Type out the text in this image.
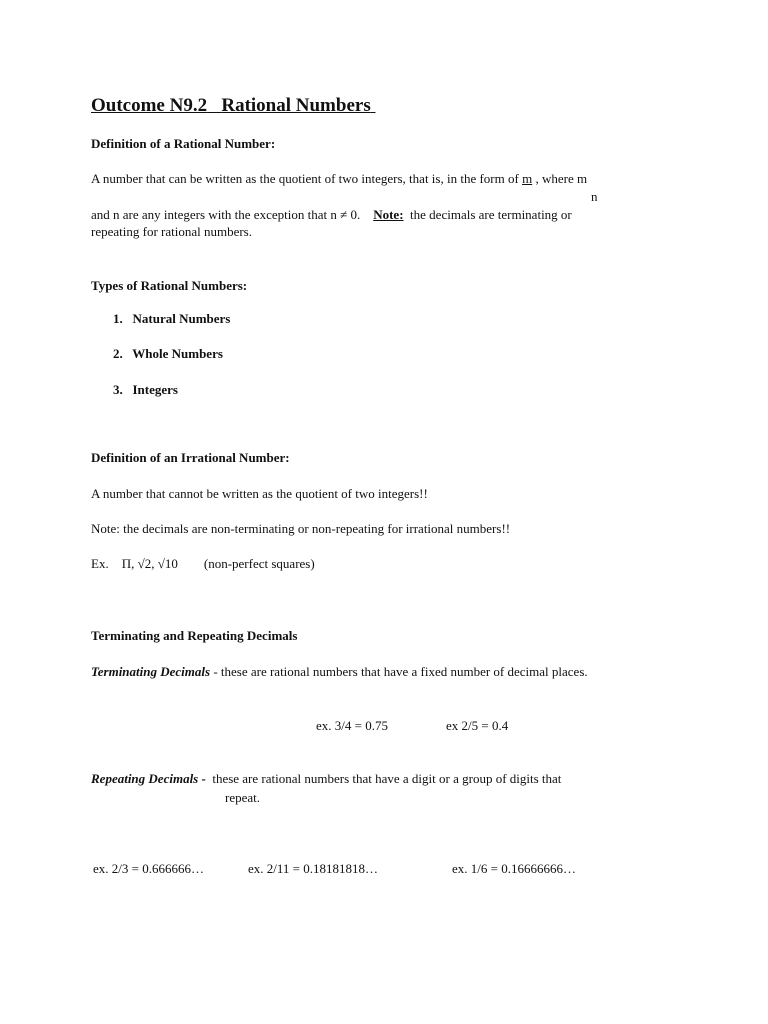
Outcome N9.2 Rational Numbers
Definition of a Rational Number:
A number that can be written as the quotient of two integers, that is, in the form of m , where m
n
and n are any integers with the exception that n ≠ 0. Note: the decimals are terminating or
repeating for rational numbers.
Types of Rational Numbers:
1. Natural Numbers
2. Whole Numbers
3. Integers
Definition of an Irrational Number:
A number that cannot be written as the quotient of two integers!!
Note: the decimals are non-terminating or non-repeating for irrational numbers!!
Ex. Π, √2, √10 (non-perfect squares)
Terminating and Repeating Decimals
Terminating Decimals - these are rational numbers that have a fixed number of decimal places.
ex. 3/4 = 0.75	ex 2/5 = 0.4
Repeating Decimals - these are rational numbers that have a digit or a group of digits that
repeat.
ex. 2/3 = 0.666666…	ex. 2/11 = 0.18181818…	ex. 1/6 = 0.16666666…
